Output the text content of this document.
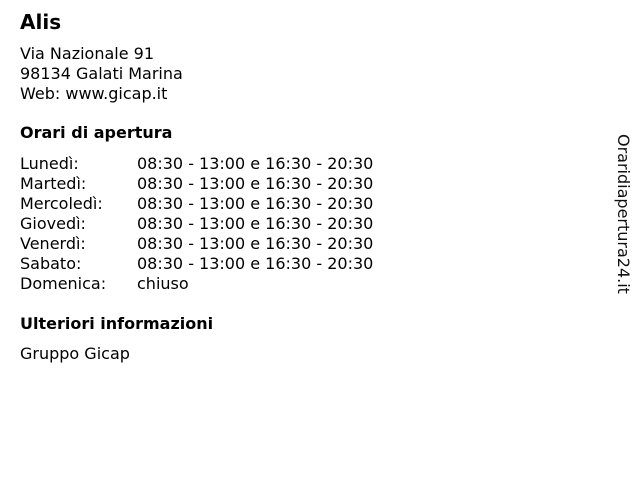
Alis
Via Nazionale 91
98134 Galati Marina
Web: www.gicap.it
Orari di apertura
Lunedì:	08:30 - 13:00 e 16:30 - 20:30
Martedì:	08:30 - 13:00 e 16:30 - 20:30
Mercoledì:	08:30 - 13:00 e 16:30 - 20:30
Giovedì:	08:30 - 13:00 e 16:30 - 20:30
Venerdì:	08:30 - 13:00 e 16:30 - 20:30
Sabato:	08:30 - 13:00 e 16:30 - 20:30
Domenica:	chiuso
Ulteriori informazioni
Gruppo Gicap
Oraridiapertura24.it
